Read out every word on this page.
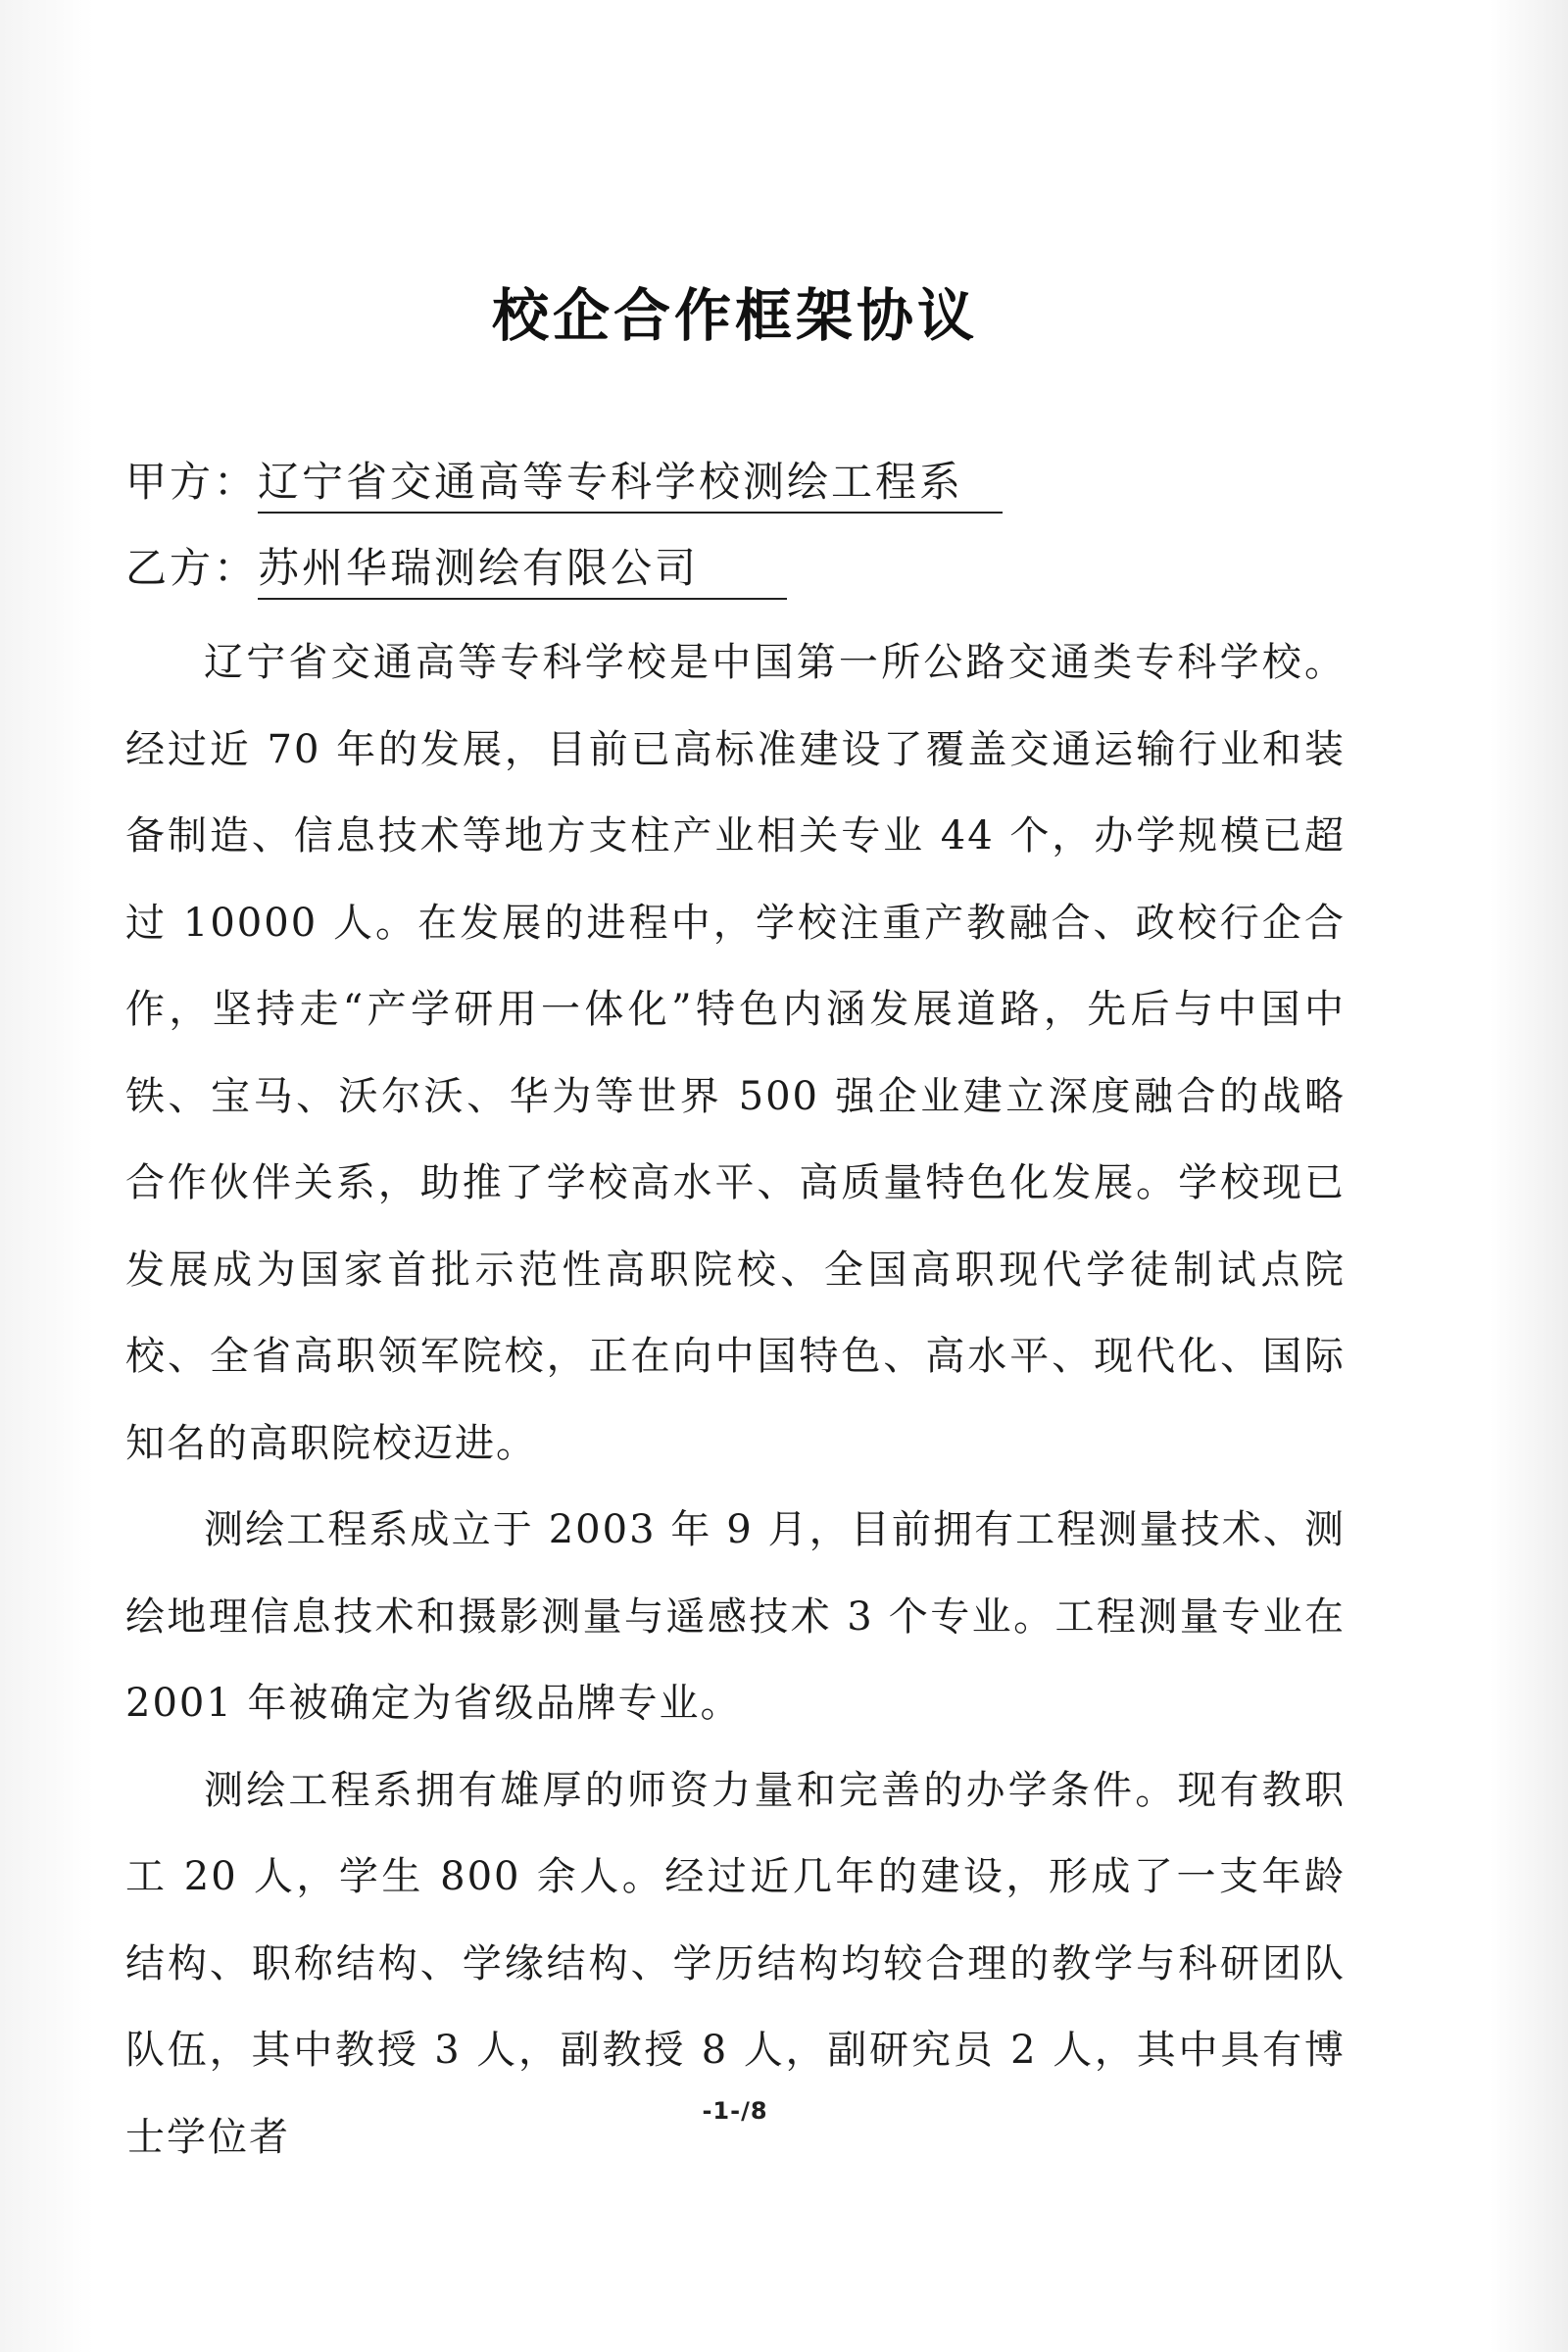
校企合作框架协议
甲方：辽宁省交通高等专科学校测绘工程系
乙方：苏州华瑞测绘有限公司

辽宁省交通高等专科学校是中国第一所公路交通类专科学校。经过近 70 年的发展，目前已高标准建设了覆盖交通运输行业和装备制造、信息技术等地方支柱产业相关专业 44 个，办学规模已超过 10000 人。在发展的进程中，学校注重产教融合、政校行企合作，坚持走“产学研用一体化”特色内涵发展道路，先后与中国中铁、宝马、沃尔沃、华为等世界 500 强企业建立深度融合的战略合作伙伴关系，助推了学校高水平、高质量特色化发展。学校现已发展成为国家首批示范性高职院校、全国高职现代学徒制试点院校、全省高职领军院校，正在向中国特色、高水平、现代化、国际知名的高职院校迈进。

测绘工程系成立于 2003 年 9 月，目前拥有工程测量技术、测绘地理信息技术和摄影测量与遥感技术 3 个专业。工程测量专业在 2001 年被确定为省级品牌专业。

测绘工程系拥有雄厚的师资力量和完善的办学条件。现有教职工 20 人，学生 800 余人。经过近几年的建设，形成了一支年龄结构、职称结构、学缘结构、学历结构均较合理的教学与科研团队队伍，其中教授 3 人，副教授 8 人，副研究员 2 人，其中具有博士学位者

-1-/8
